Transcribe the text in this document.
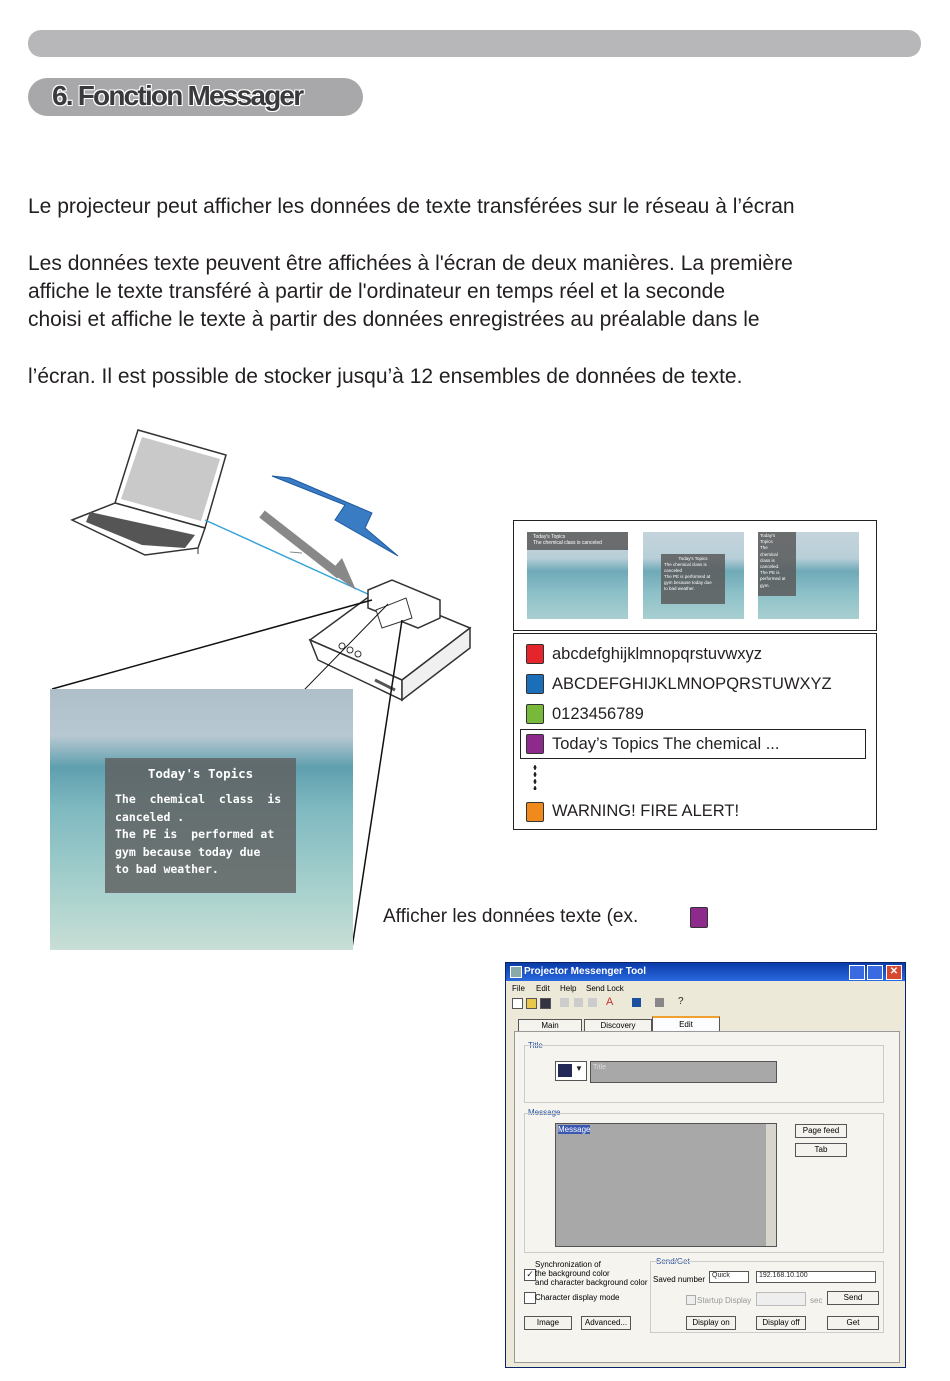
6. Fonction Messager
Le projecteur peut afficher les données de texte transférées sur le réseau à l’écran
Les données texte peuvent être affichées à l'écran de deux manières. La première
affiche le texte transféré à partir de l'ordinateur en temps réel et la seconde
choisi et affiche le texte à partir des données enregistrées au préalable dans le
l’écran. Il est possible de stocker jusqu’à 12 ensembles de données de texte.
Today's Topics
The chemical class is canceled
Today's Topics
The chemical class is canceled
The PE is performed at
gym because today due
to bad weather.
Today's
Topics
The
chemical
class is
canceled.
The PE is
performed at
gym.
abcdefghijklmnopqrstuvwxyz
ABCDEFGHIJKLMNOPQRSTUWXYZ
0123456789
Today’s Topics The chemical ...
WARNING! FIRE ALERT!
Today's Topics
The  chemical  class  is
canceled .
The PE is  performed at
gym because today due
to bad weather.
Afficher les données texte (ex.
Projector Messenger Tool	✕
File Edit Help Send Lock
A	?
Main	Discovery	Edit
Title
▼	Title
Message
Message	Page feed
Tab
✓
Synchronization of
the background color
and character background color
Character display mode
Send/Get
Saved number Quick	192.168.10.100
Startup Display	sec	Send
Image	Advanced...	Display on	Display off	Get
